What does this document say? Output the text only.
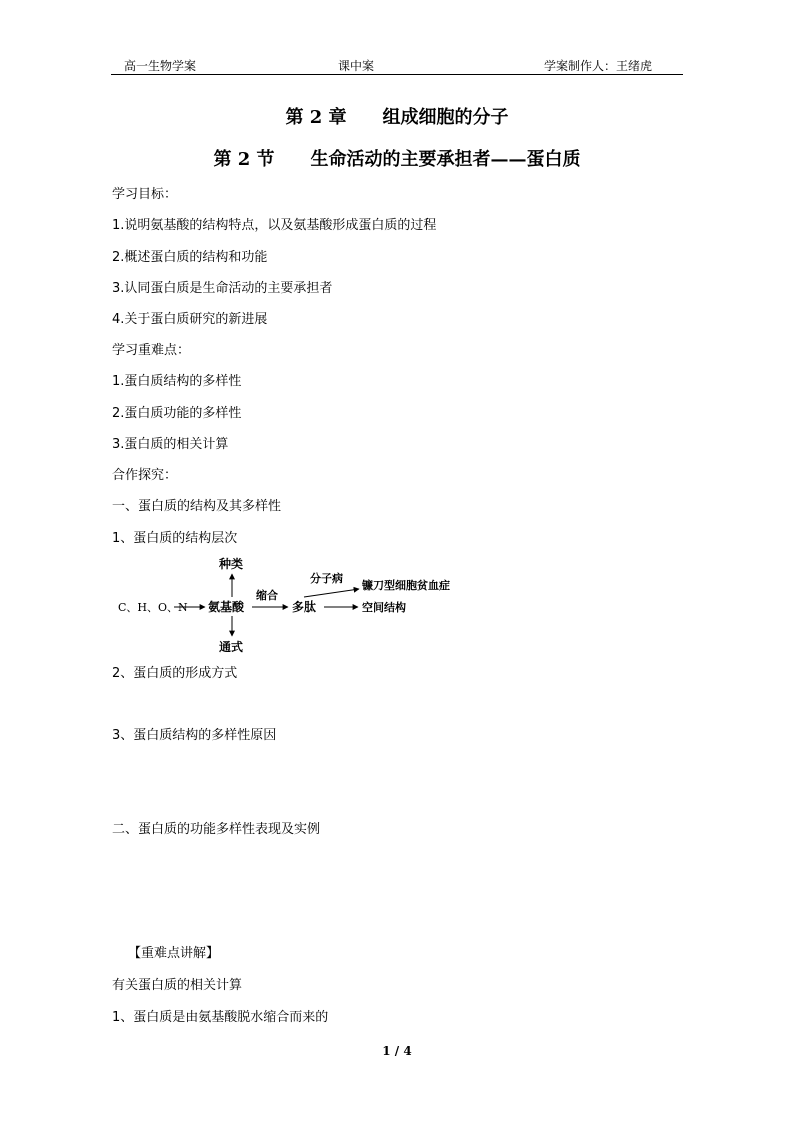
高一生物学案	课中案	学案制作人：王绪虎
第 2 章　　组成细胞的分子
第 2 节　　生命活动的主要承担者——蛋白质
学习目标：
1.说明氨基酸的结构特点，以及氨基酸形成蛋白质的过程
2.概述蛋白质的结构和功能
3.认同蛋白质是生命活动的主要承担者
4.关于蛋白质研究的新进展
学习重难点：
1.蛋白质结构的多样性
2.蛋白质功能的多样性
3.蛋白质的相关计算
合作探究：
一、蛋白质的结构及其多样性
1、蛋白质的结构层次
C、H、O、N 氨基酸
种类
通式
缩合
多肽
分子病
镰刀型细胞贫血症
空间结构
2、蛋白质的形成方式
3、蛋白质结构的多样性原因
二、蛋白质的功能多样性表现及实例
【重难点讲解】
有关蛋白质的相关计算
1、蛋白质是由氨基酸脱水缩合而来的
1 / 4
